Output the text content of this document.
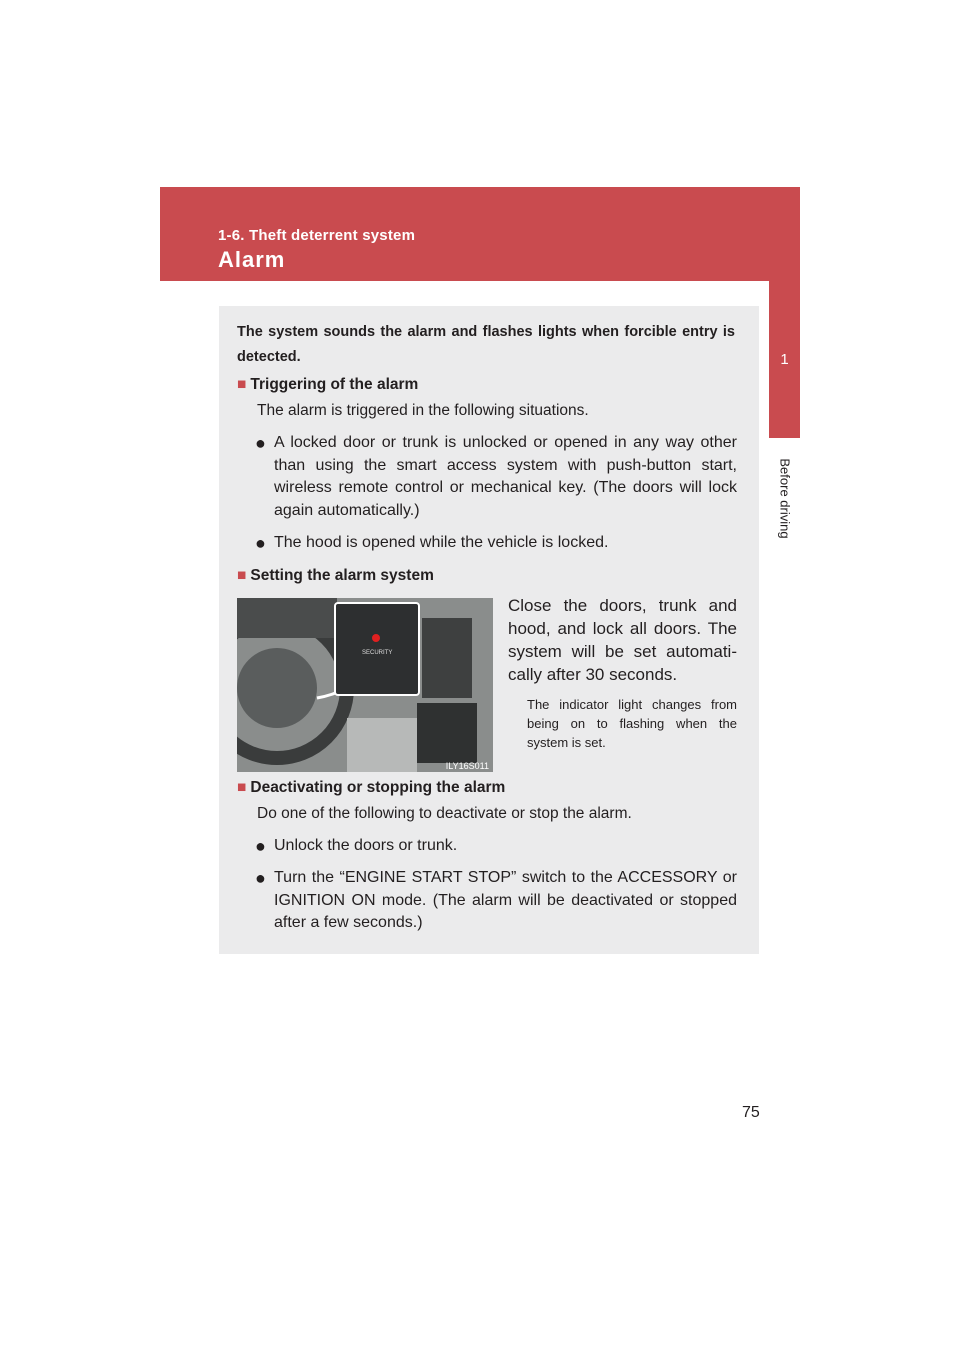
1-6. Theft deterrent system
Alarm
1
Before driving
The system sounds the alarm and flashes lights when forcible entry is detected.
■ Triggering of the alarm
The alarm is triggered in the following situations.
● A locked door or trunk is unlocked or opened in any way other than using the smart access system with push-button start, wireless remote control or mechanical key. (The doors will lock again automatically.)
● The hood is opened while the vehicle is locked.
■ Setting the alarm system
SECURITY
ILY16S011
Close the doors, trunk and
hood, and lock all doors. The system will be set automati-cally after 30 seconds.
The indicator light changes from
being on to flashing when the system is set.
■ Deactivating or stopping the alarm
Do one of the following to deactivate or stop the alarm.
● Unlock the doors or trunk.
● Turn the “ENGINE START STOP” switch to the ACCESSORY or IGNITION ON mode. (The alarm will be deactivated or stopped after a few seconds.)
75
